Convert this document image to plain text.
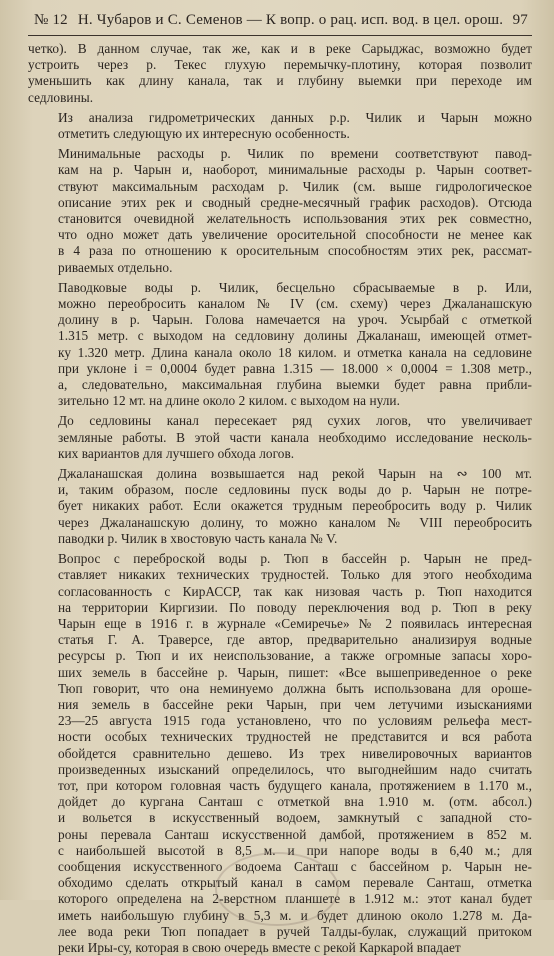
№ 12 Н. Чубаров и С. Семенов — К вопр. о рац. исп. вод. в цел. орош. 97

четко). В данном случае, так же, как и в реке Сарыджас, возможно будет
устроить через р. Текес глухую перемычку-плотину, которая позволит
уменьшить как длину канала, так и глубину выемки при переходе им
седловины.

Из анализа гидрометрических данных р.р. Чилик и Чарын можно
отметить следующую их интересную особенность.

Минимальные расходы р. Чилик по времени соответствуют павод-
кам на р. Чарын и, наоборот, минимальные расходы р. Чарын соответ-
ствуют максимальным расходам р. Чилик (см. выше гидрологическое
описание этих рек и сводный средне-месячный график расходов). Отсюда
становится очевидной желательность использования этих рек совместно,
что одно может дать увеличение оросительной способности не менее как
в 4 раза по отношению к оросительным способностям этих рек, рассмат-
риваемых отдельно.

Паводковые воды р. Чилик, бесцельно сбрасываемые в р. Или,
можно переобросить каналом № IV (см. схему) через Джаланашскую
долину в р. Чарын. Голова намечается на уроч. Усырбай с отметкой
1.315 метр. с выходом на седловину долины Джаланаш, имеющей отмет-
ку 1.320 метр. Длина канала около 18 килом. и отметка канала на седловине
при уклоне i = 0,0004 будет равна 1.315 — 18.000 × 0,0004 = 1.308 метр.,
а, следовательно, максимальная глубина выемки будет равна прибли-
зительно 12 мт. на длине около 2 килом. с выходом на нули.

До седловины канал пересекает ряд сухих логов, что увеличивает
земляные работы. В этой части канала необходимо исследование несколь-
ких вариантов для лучшего обхода логов.

Джаланашская долина возвышается над рекой Чарын на ∾ 100 мт.
и, таким образом, после седловины пуск воды до р. Чарын не потре-
бует никаких работ. Если окажется трудным переобросить воду р. Чилик
через Джаланашскую долину, то можно каналом № VIII переобросить
паводки р. Чилик в хвостовую часть канала № V.

Вопрос с переброской воды р. Тюп в бассейн р. Чарын не пред-
ставляет никаких технических трудностей. Только для этого необходима
согласованность с КирАССР, так как низовая часть р. Тюп находится
на территории Киргизии. По поводу переключения вод р. Тюп в реку
Чарын еще в 1916 г. в журнале «Семиречье» № 2 появилась интересная
статья Г. А. Траверсе, где автор, предварительно анализируя водные
ресурсы р. Тюп и их неиспользование, а также огромные запасы хоро-
ших земель в бассейне р. Чарын, пишет: «Все вышеприведенное о реке
Тюп говорит, что она неминуемо должна быть использована для ороше-
ния земель в бассейне реки Чарын, при чем летучими изысканиями
23—25 августа 1915 года установлено, что по условиям рельефа мест-
ности особых технических трудностей не представится и вся работа
обойдется сравнительно дешево. Из трех нивелировочных вариантов
произведенных изысканий определилось, что выгоднейшим надо считать
тот, при котором головная часть будущего канала, протяжением в 1.170 м.,
дойдет до кургана Санташ с отметкой вна 1.910 м. (отм. абсол.)
и вольется в искусственный водоем, замкнутый с западной сто-
роны перевала Санташ искусственной дамбой, протяжением в 852 м.
с наибольшей высотой в 8,5 м. и при напоре воды в 6,40 м.; для
сообщения искусственного водоема Санташ с бассейном р. Чарын не-
обходимо сделать открытый канал в самом перевале Санташ, отметка
которого определена на 2-верстном планшете в 1.912 м.: этот канал будет
иметь наибольшую глубину в 5,3 м. и будет длиною около 1.278 м. Да-
лее вода реки Тюп попадает в ручей Талды-булак, служащий притоком
реки Иры-су, которая в свою очередь вместе с рекой Каркарой впадает
